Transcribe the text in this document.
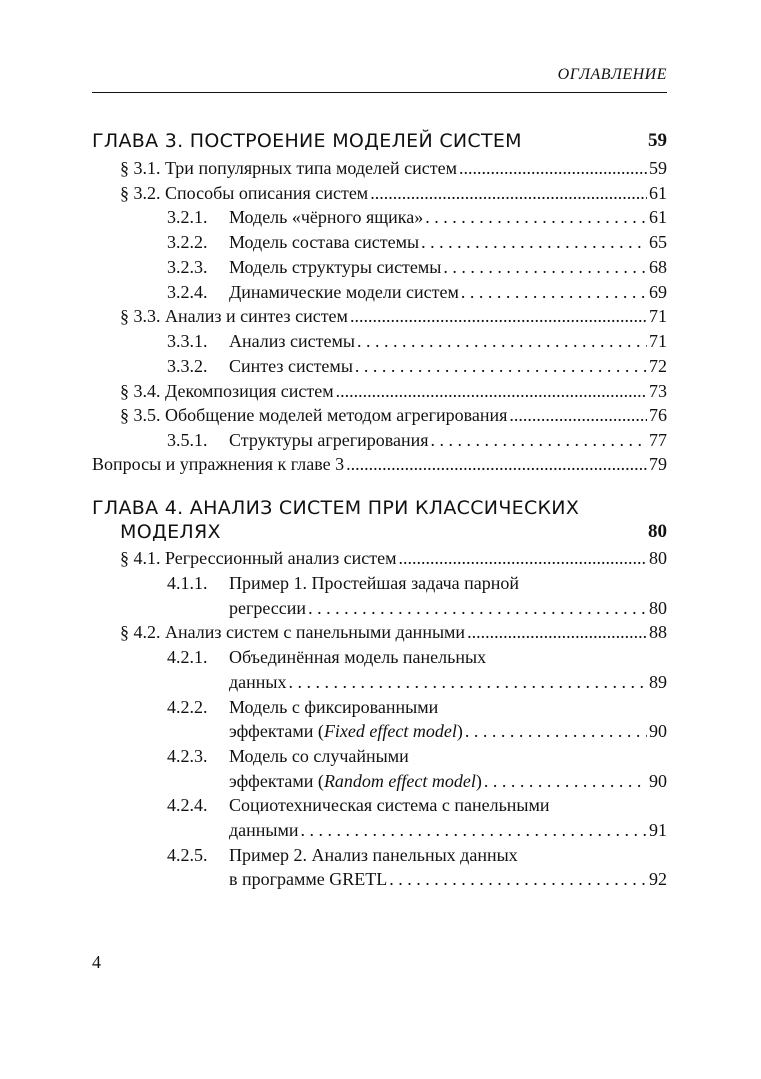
ОГЛАВЛЕНИЕ
ГЛАВА 3. ПОСТРОЕНИЕ МОДЕЛЕЙ СИСТЕМ	59
§ 3.1. Три популярных типа моделей систем .....	59
§ 3.2. Способы описания систем .....	61
3.2.1.	Модель «чёрного ящика» . . .	61
3.2.2.	Модель состава системы . . .	65
3.2.3.	Модель структуры системы . . .	68
3.2.4.	Динамические модели систем . . .	69
§ 3.3. Анализ и синтез систем .....	71
3.3.1.	Анализ системы . . .	71
3.3.2.	Синтез системы . . .	72
§ 3.4. Декомпозиция систем .....	73
§ 3.5. Обобщение моделей методом агрегирования .....	76
3.5.1.	Структуры агрегирования . . .	77
Вопросы и упражнения к главе 3 .....	79
ГЛАВА 4. АНАЛИЗ СИСТЕМ ПРИ КЛАССИЧЕСКИХ
МОДЕЛЯХ	80
§ 4.1. Регрессионный анализ систем .....	80
4.1.1. Пример 1. Простейшая задача парной
регрессии . . .	80
§ 4.2. Анализ систем с панельными данными .....	88
4.2.1. Объединённая модель панельных
данных . . .	89
4.2.2. Модель с фиксированными
эффектами (Fixed effect model) . . .	90
4.2.3. Модель со случайными
эффектами (Random effect model) . . .	90
4.2.4. Социотехническая система с панельными
данными . . .	91
4.2.5. Пример 2. Анализ панельных данных
в программе GRETL . . .	92
4
